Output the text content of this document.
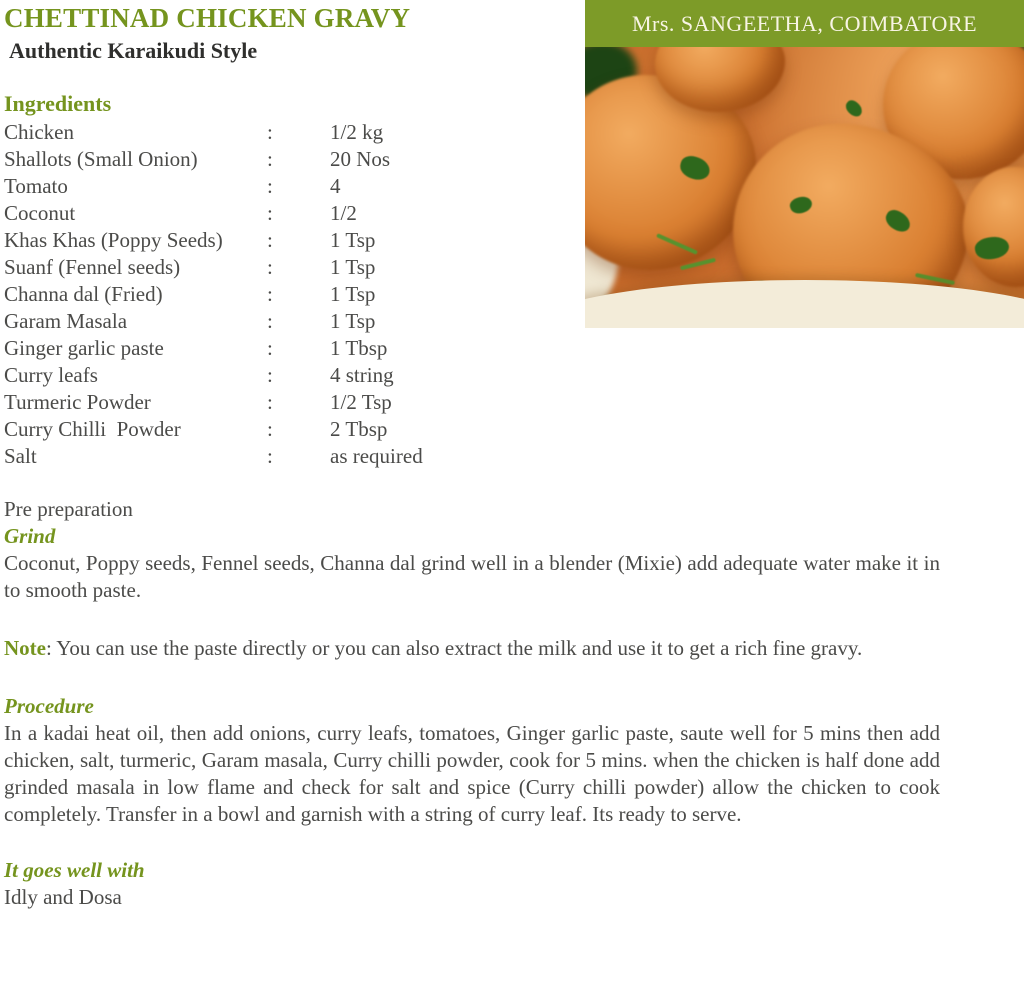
Mrs. SANGEETHA, COIMBATORE
CHETTINAD CHICKEN GRAVY
Authentic Karaikudi Style
Ingredients
Chicken	:	1/2 kg
Shallots (Small Onion)	:	20 Nos
Tomato	:	4
Coconut	:	1/2
Khas Khas (Poppy Seeds)	:	1 Tsp
Suanf (Fennel seeds)	:	1 Tsp
Channa dal (Fried)	:	1 Tsp
Garam Masala	:	1 Tsp
Ginger garlic paste	:	1 Tbsp
Curry leafs	:	4 string
Turmeric Powder	:	1/2 Tsp
Curry Chilli  Powder	:	2 Tbsp
Salt	:	as required

Pre preparation

Grind

Coconut, Poppy seeds, Fennel seeds, Channa dal grind well in a blender (Mixie) add adequate water make it in to smooth paste.

Note: You can use the paste directly or you can also extract the milk and use it to get a rich fine gravy.

Procedure

In a kadai heat oil, then add onions, curry leafs, tomatoes, Ginger garlic paste, saute well for 5 mins then add chicken, salt, turmeric, Garam masala, Curry chilli powder, cook for 5 mins. when the chicken is half done add grinded masala in low flame and check for salt and spice (Curry chilli powder) allow the chicken to cook completely. Transfer in a bowl and garnish with a string of curry leaf. Its ready to serve.

It goes well with

Idly and Dosa
